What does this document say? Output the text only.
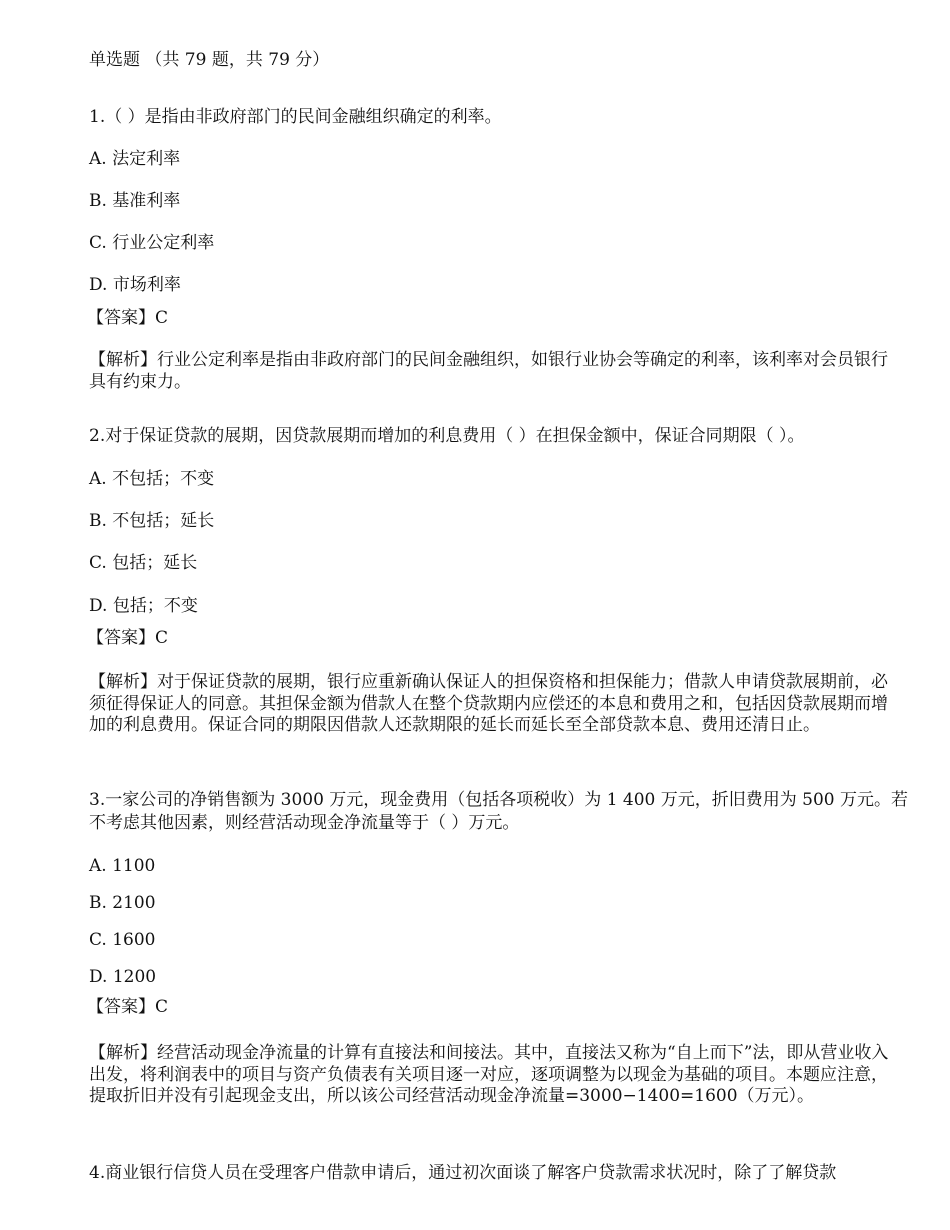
单选题 （共 79 题，共 79 分）
1.（ ）是指由非政府部门的民间金融组织确定的利率。
A. 法定利率
B. 基准利率
C. 行业公定利率
D. 市场利率
【答案】C
【解析】行业公定利率是指由非政府部门的民间金融组织，如银行业协会等确定的利率，该利率对会员银行具有约束力。
2.对于保证贷款的展期，因贷款展期而增加的利息费用（ ）在担保金额中，保证合同期限（ ）。
A. 不包括；不变
B. 不包括；延长
C. 包括；延长
D. 包括；不变
【答案】C
【解析】对于保证贷款的展期，银行应重新确认保证人的担保资格和担保能力；借款人申请贷款展期前，必须征得保证人的同意。其担保金额为借款人在整个贷款期内应偿还的本息和费用之和，包括因贷款展期而增加的利息费用。保证合同的期限因借款人还款期限的延长而延长至全部贷款本息、费用还清日止。
3.一家公司的净销售额为 3000 万元，现金费用（包括各项税收）为 1 400 万元，折旧费用为 500 万元。若不考虑其他因素，则经营活动现金净流量等于（ ）万元。
A. 1100
B. 2100
C. 1600
D. 1200
【答案】C
【解析】经营活动现金净流量的计算有直接法和间接法。其中，直接法又称为“自上而下”法，即从营业收入出发，将利润表中的项目与资产负债表有关项目逐一对应，逐项调整为以现金为基础的项目。本题应注意，提取折旧并没有引起现金支出，所以该公司经营活动现金净流量=3000−1400=1600（万元）。
4.商业银行信贷人员在受理客户借款申请后，通过初次面谈了解客户贷款需求状况时，除了了解贷款
